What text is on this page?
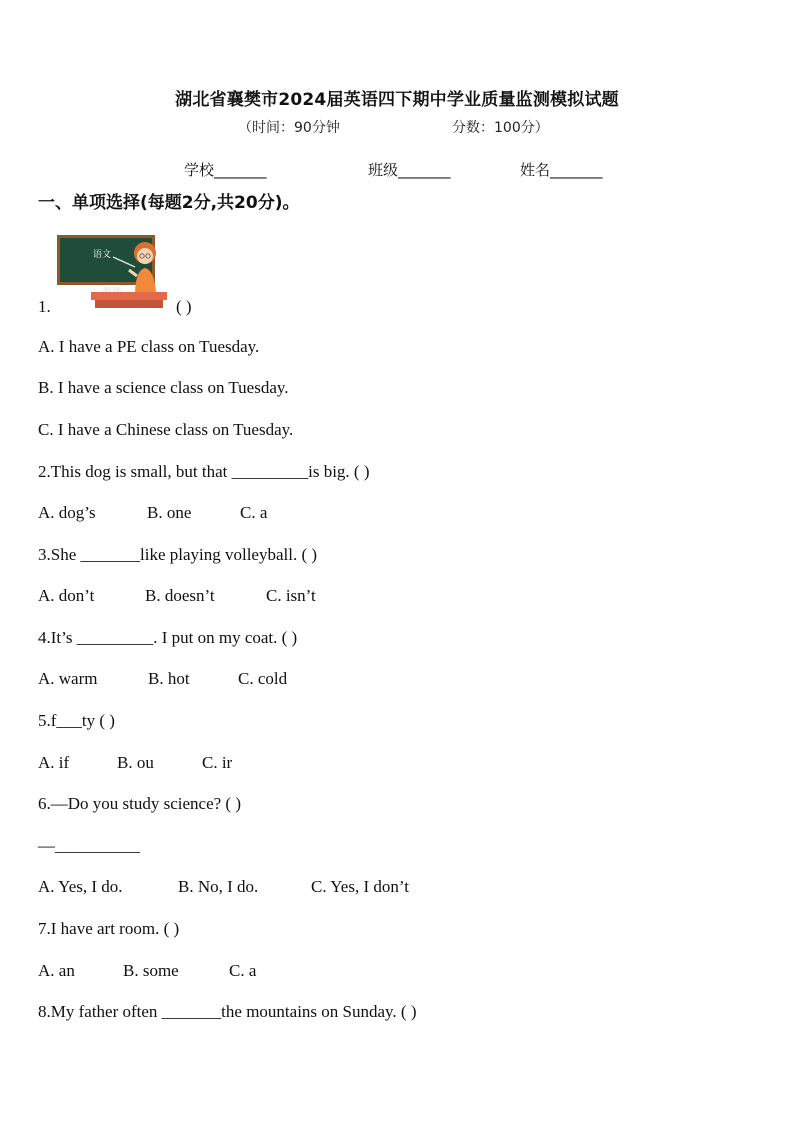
湖北省襄樊市2024届英语四下期中学业质量监测模拟试题
（时间：90分钟	分数：100分）
学校_______	班级_______	姓名_______
一、单项选择(每题2分,共20分)。
语文
1.	( )
A. I have a PE class on Tuesday.
B. I have a science class on Tuesday.
C. I have a Chinese class on Tuesday.
2.This dog is small, but that _________is big. ( )
A. dog’s	B. one	C. a
3.She _______like playing volleyball. ( )
A. don’t	B. doesn’t	C. isn’t
4.It’s _________. I put on my coat. ( )
A. warm	B. hot	C. cold
5.f___ty ( )
A. if	B. ou	C. ir
6.—Do you study science? ( )
—__________
A. Yes, I do.	B. No, I do.	C. Yes, I don’t
7.I have art room. ( )
A. an	B. some	C. a
8.My father often _______the mountains on Sunday. ( )
